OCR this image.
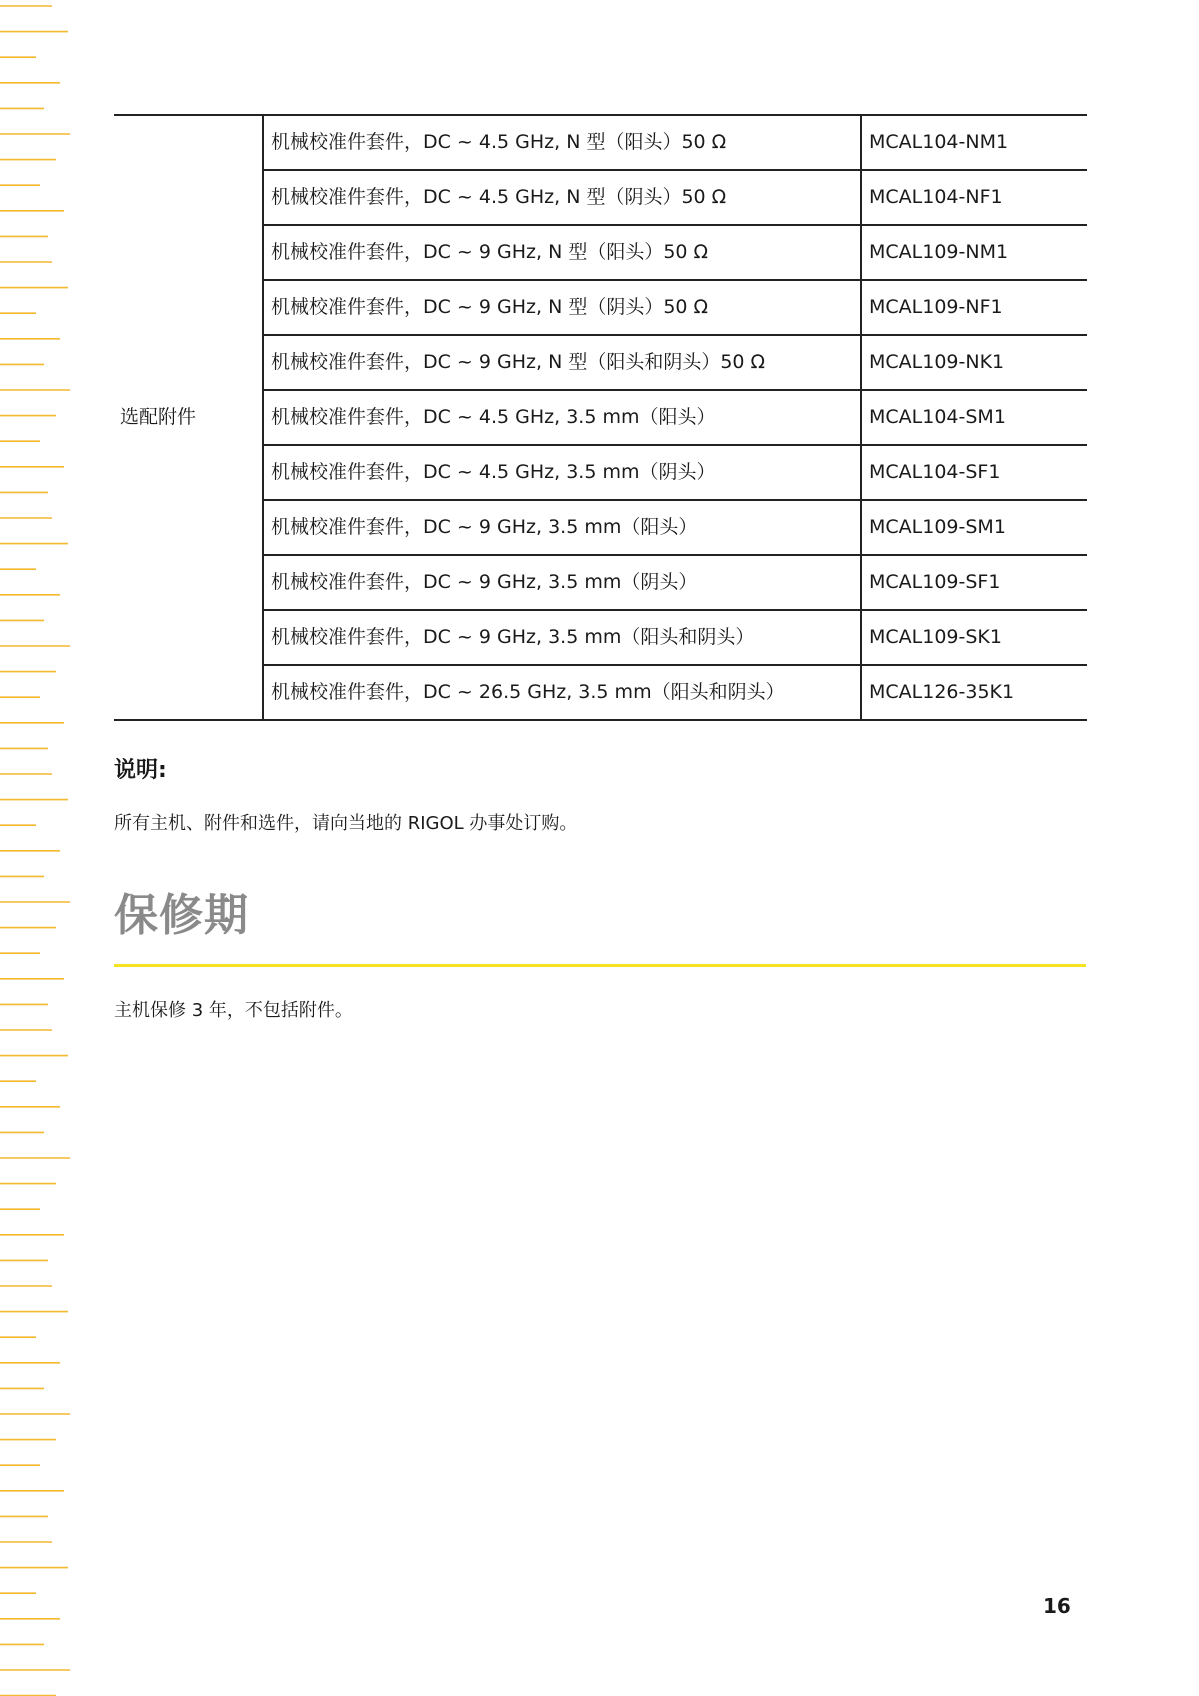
选配附件	机械校准件套件，DC ~ 4.5 GHz, N 型（阳头）50 Ω	MCAL104-NM1
	机械校准件套件，DC ~ 4.5 GHz, N 型（阴头）50 Ω	MCAL104-NF1
	机械校准件套件，DC ~ 9 GHz, N 型（阳头）50 Ω	MCAL109-NM1
	机械校准件套件，DC ~ 9 GHz, N 型（阴头）50 Ω	MCAL109-NF1
	机械校准件套件，DC ~ 9 GHz, N 型（阳头和阴头）50 Ω	MCAL109-NK1
	机械校准件套件，DC ~ 4.5 GHz, 3.5 mm（阳头）	MCAL104-SM1
	机械校准件套件，DC ~ 4.5 GHz, 3.5 mm（阴头）	MCAL104-SF1
	机械校准件套件，DC ~ 9 GHz, 3.5 mm（阳头）	MCAL109-SM1
	机械校准件套件，DC ~ 9 GHz, 3.5 mm（阴头）	MCAL109-SF1
	机械校准件套件，DC ~ 9 GHz, 3.5 mm（阳头和阴头）	MCAL109-SK1
	机械校准件套件，DC ~ 26.5 GHz, 3.5 mm（阳头和阴头）	MCAL126-35K1
说明:

所有主机、附件和选件，请向当地的 RIGOL 办事处订购。

保修期

主机保修 3 年，不包括附件。

16
